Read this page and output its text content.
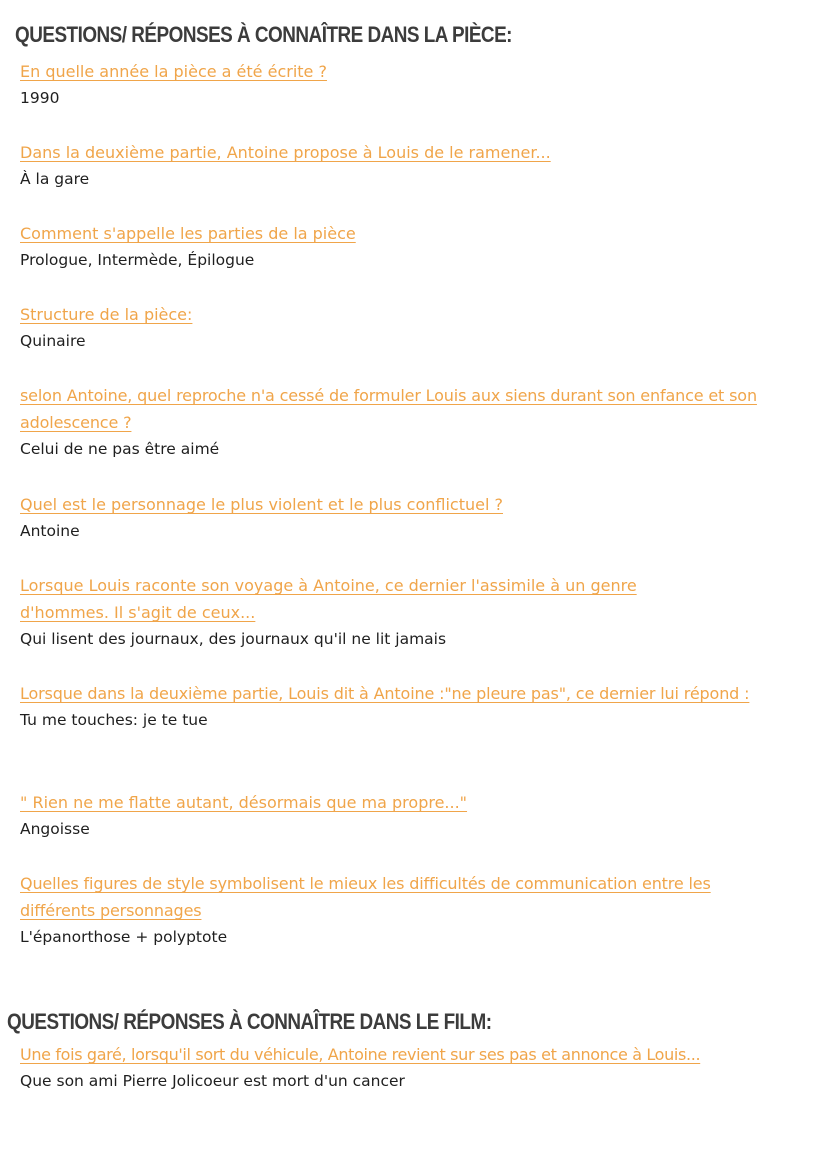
QUESTIONS/ RÉPONSES À CONNAÎTRE DANS LA PIÈCE:

En quelle année la pièce a été écrite ?

1990

Dans la deuxième partie, Antoine propose à Louis de le ramener...

À la gare

Comment s'appelle les parties de la pièce

Prologue, Intermède, Épilogue

Structure de la pièce:

Quinaire

selon Antoine, quel reproche n'a cessé de formuler Louis aux siens durant son enfance et son adolescence ?

Celui de ne pas être aimé

Quel est le personnage le plus violent et le plus conflictuel ?

Antoine

Lorsque Louis raconte son voyage à Antoine, ce dernier l'assimile à un genre d'hommes. Il s'agit de ceux...

Qui lisent des journaux, des journaux qu'il ne lit jamais

Lorsque dans la deuxième partie, Louis dit à Antoine :"ne pleure pas", ce dernier lui répond :

Tu me touches: je te tue

" Rien ne me flatte autant, désormais que ma propre..."

Angoisse

Quelles figures de style symbolisent le mieux les difficultés de communication entre les différents personnages

L'épanorthose + polyptote

QUESTIONS/ RÉPONSES À CONNAÎTRE DANS LE FILM:

Une fois garé, lorsqu'il sort du véhicule, Antoine revient sur ses pas et annonce à Louis...

Que son ami Pierre Jolicoeur est mort d'un cancer
